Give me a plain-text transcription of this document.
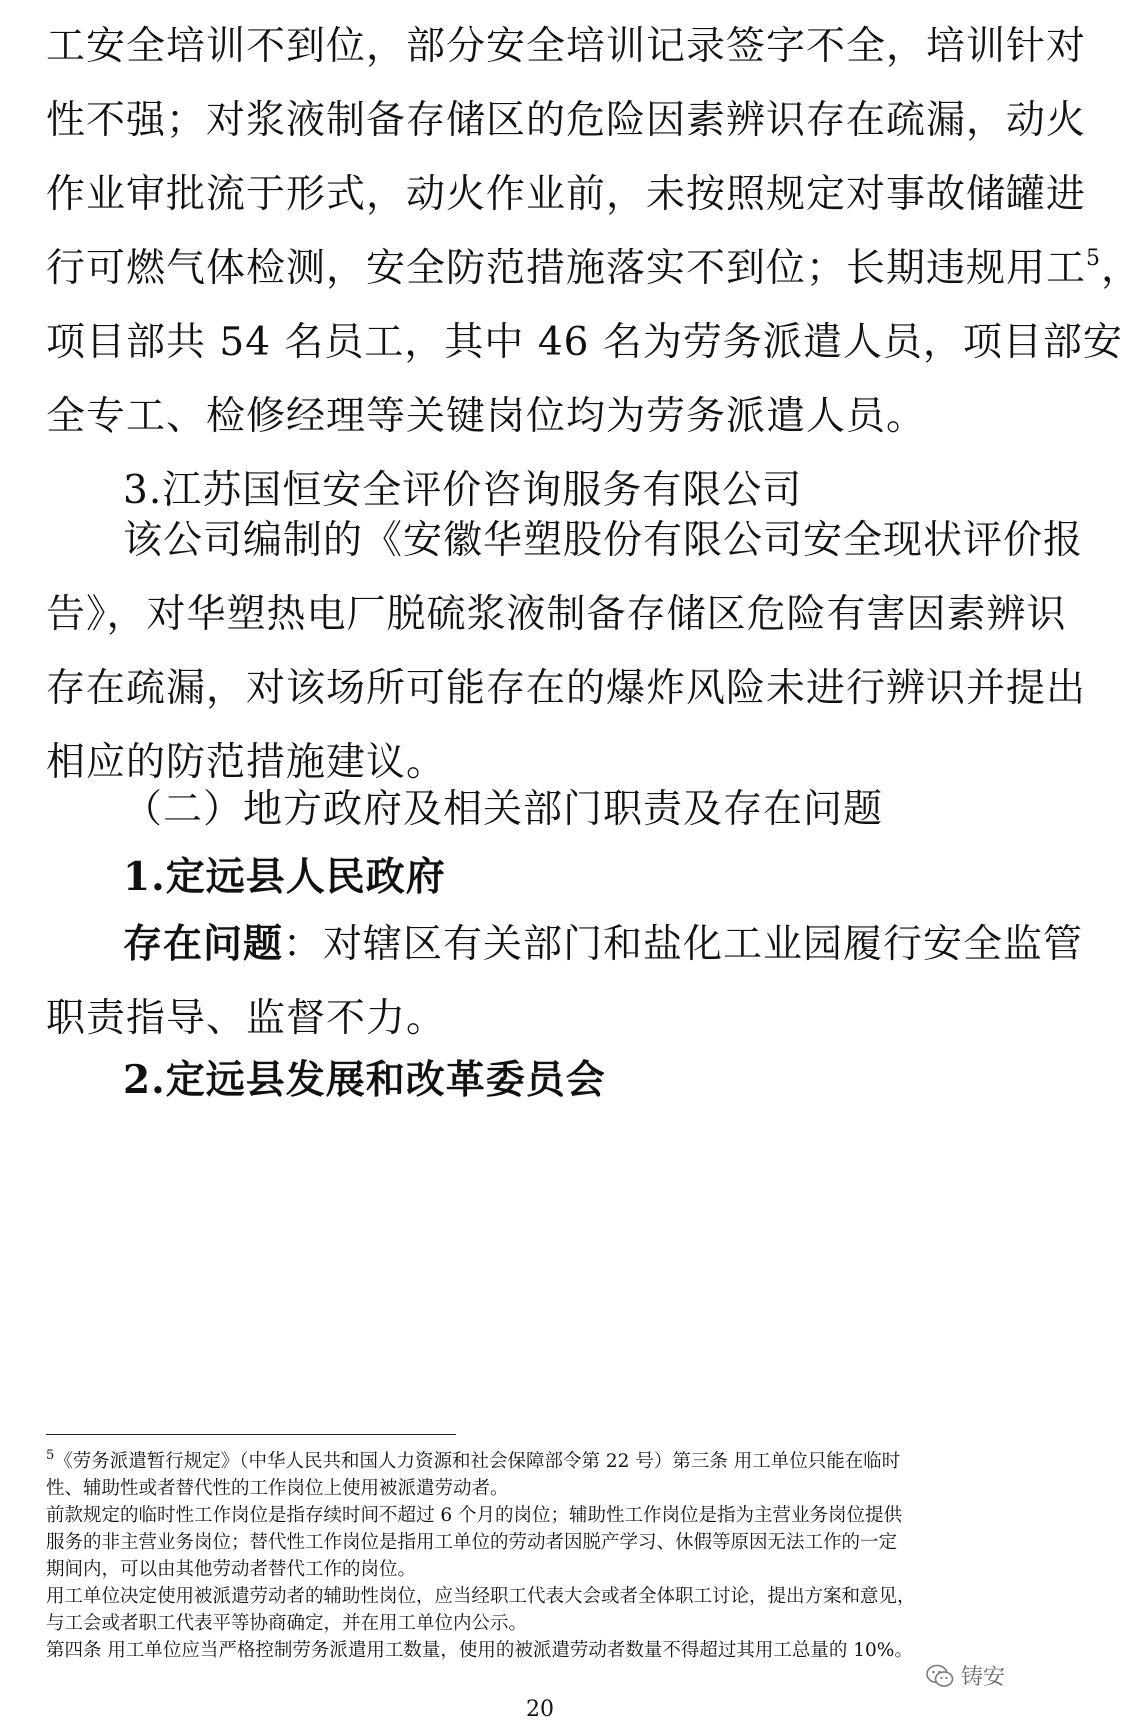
工安全培训不到位，部分安全培训记录签字不全，培训针对
性不强；对浆液制备存储区的危险因素辨识存在疏漏，动火
作业审批流于形式，动火作业前，未按照规定对事故储罐进
行可燃气体检测，安全防范措施落实不到位；长期违规用工$^5$，
项目部共 54 名员工，其中 46 名为劳务派遣人员，项目部安
全专工、检修经理等关键岗位均为劳务派遣人员。
3.江苏国恒安全评价咨询服务有限公司
该公司编制的《安徽华塑股份有限公司安全现状评价报
告》，对华塑热电厂脱硫浆液制备存储区危险有害因素辨识
存在疏漏，对该场所可能存在的爆炸风险未进行辨识并提出
相应的防范措施建议。
（二）地方政府及相关部门职责及存在问题
1.定远县人民政府
存在问题：对辖区有关部门和盐化工业园履行安全监管
职责指导、监督不力。
2.定远县发展和改革委员会
$^5$《劳务派遣暂行规定》（中华人民共和国人力资源和社会保障部令第 22 号）第三条 用工单位只能在临时
性、辅助性或者替代性的工作岗位上使用被派遣劳动者。
前款规定的临时性工作岗位是指存续时间不超过 6 个月的岗位；辅助性工作岗位是指为主营业务岗位提供
服务的非主营业务岗位；替代性工作岗位是指用工单位的劳动者因脱产学习、休假等原因无法工作的一定
期间内，可以由其他劳动者替代工作的岗位。
用工单位决定使用被派遣劳动者的辅助性岗位，应当经职工代表大会或者全体职工讨论，提出方案和意见，
与工会或者职工代表平等协商确定，并在用工单位内公示。
第四条 用工单位应当严格控制劳务派遣用工数量，使用的被派遣劳动者数量不得超过其用工总量的 10%。
铸安
20
